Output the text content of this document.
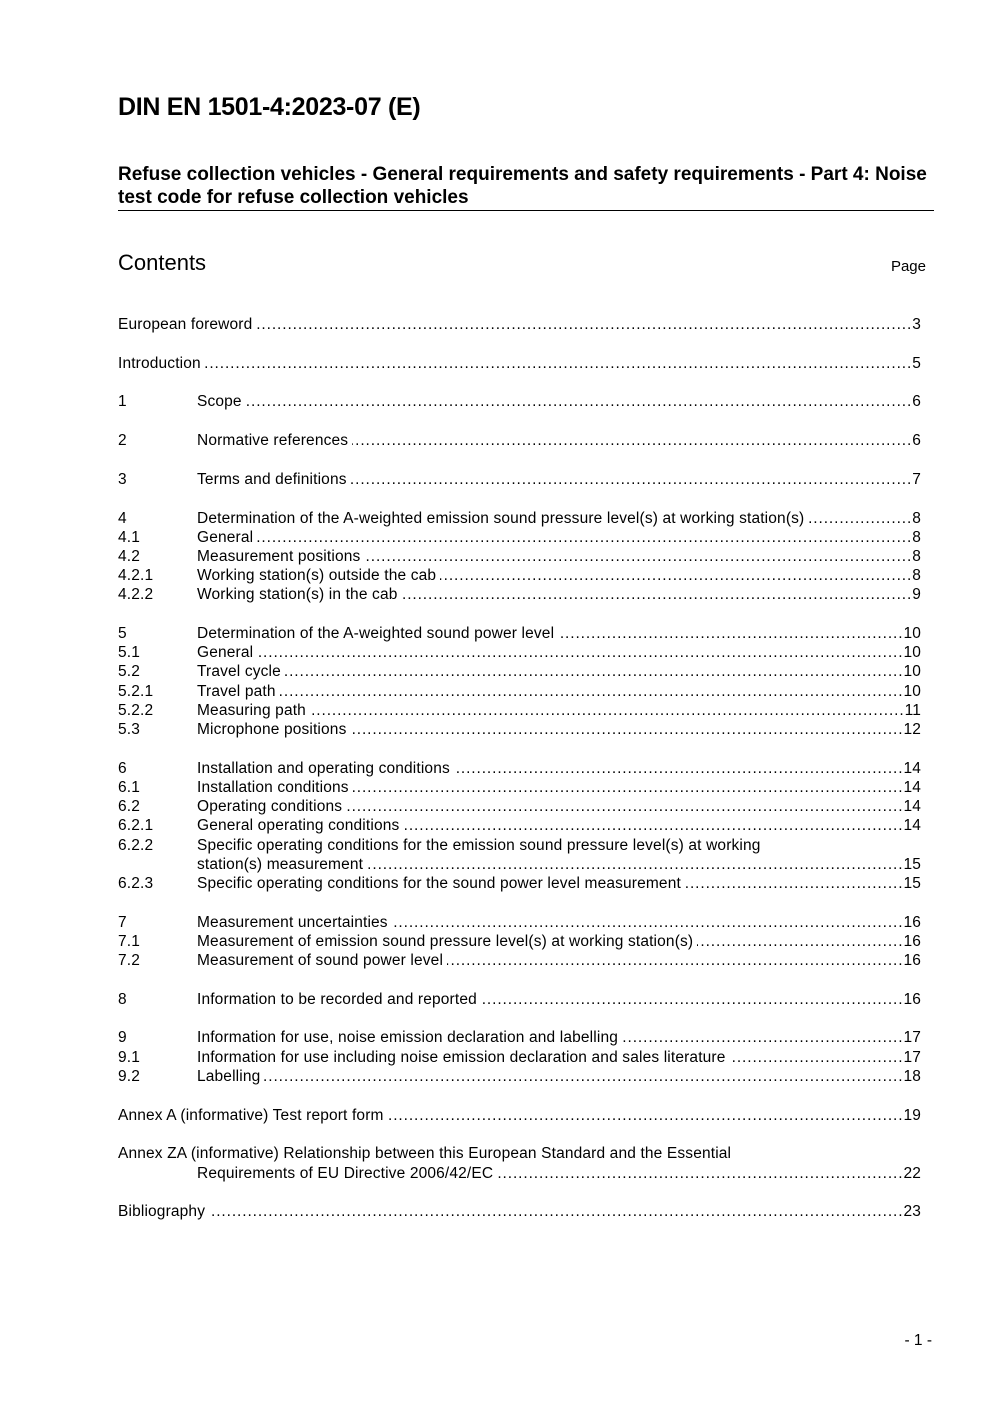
DIN EN 1501-4:2023-07 (E)
Refuse collection vehicles - General requirements and safety requirements - Part 4: Noise test code for refuse collection vehicles
Contents	Page
European foreword .....	3
Introduction .....	5
1	Scope .....	6
2	Normative references .....	6
3	Terms and definitions .....	7
4	Determination of the A-weighted emission sound pressure level(s) at working station(s) .....	8
4.1	General .....	8
4.2	Measurement positions .....	8
4.2.1	Working station(s) outside the cab .....	8
4.2.2	Working station(s) in the cab .....	9
5	Determination of the A-weighted sound power level .....	10
5.1	General .....	10
5.2	Travel cycle .....	10
5.2.1	Travel path .....	10
5.2.2	Measuring path .....	11
5.3	Microphone positions .....	12
6	Installation and operating conditions .....	14
6.1	Installation conditions .....	14
6.2	Operating conditions .....	14
6.2.1	General operating conditions .....	14
6.2.2	Specific operating conditions for the emission sound pressure level(s) at working
station(s) measurement .....	15
6.2.3	Specific operating conditions for the sound power level measurement .....	15
7	Measurement uncertainties .....	16
7.1	Measurement of emission sound pressure level(s) at working station(s) .....	16
7.2	Measurement of sound power level .....	16
8	Information to be recorded and reported .....	16
9	Information for use, noise emission declaration and labelling .....	17
9.1	Information for use including noise emission declaration and sales literature .....	17
9.2	Labelling .....	18
Annex A (informative) Test report form .....	19
Annex ZA (informative) Relationship between this European Standard and the Essential
Requirements of EU Directive 2006/42/EC .....	22
Bibliography .....	23
- 1 -
